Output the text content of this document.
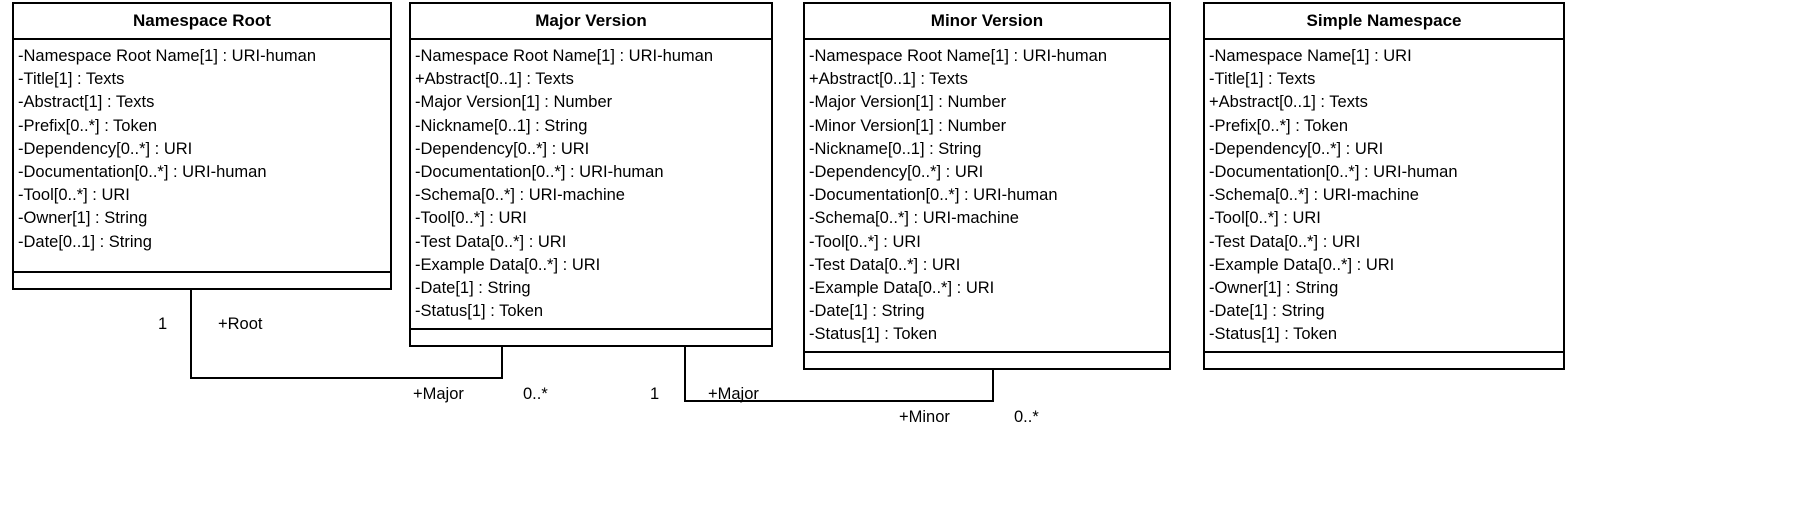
Namespace Root
-Namespace Root Name[1] : URI-human
-Title[1] : Texts
-Abstract[1] : Texts
-Prefix[0..*] : Token
-Dependency[0..*] : URI
-Documentation[0..*] : URI-human
-Tool[0..*] : URI
-Owner[1] : String
-Date[0..1] : String
Major Version
-Namespace Root Name[1] : URI-human
+Abstract[0..1] : Texts
-Major Version[1] : Number
-Nickname[0..1] : String
-Dependency[0..*] : URI
-Documentation[0..*] : URI-human
-Schema[0..*] : URI-machine
-Tool[0..*] : URI
-Test Data[0..*] : URI
-Example Data[0..*] : URI
-Date[1] : String
-Status[1] : Token
Minor Version
-Namespace Root Name[1] : URI-human
+Abstract[0..1] : Texts
-Major Version[1] : Number
-Minor Version[1] : Number
-Nickname[0..1] : String
-Dependency[0..*] : URI
-Documentation[0..*] : URI-human
-Schema[0..*] : URI-machine
-Tool[0..*] : URI
-Test Data[0..*] : URI
-Example Data[0..*] : URI
-Date[1] : String
-Status[1] : Token
Simple Namespace
-Namespace Name[1] : URI
-Title[1] : Texts
+Abstract[0..1] : Texts
-Prefix[0..*] : Token
-Dependency[0..*] : URI
-Documentation[0..*] : URI-human
-Schema[0..*] : URI-machine
-Tool[0..*] : URI
-Test Data[0..*] : URI
-Example Data[0..*] : URI
-Owner[1] : String
-Date[1] : String
-Status[1] : Token
1	+Root
+Major	0..*	1	+Major
+Minor	0..*
